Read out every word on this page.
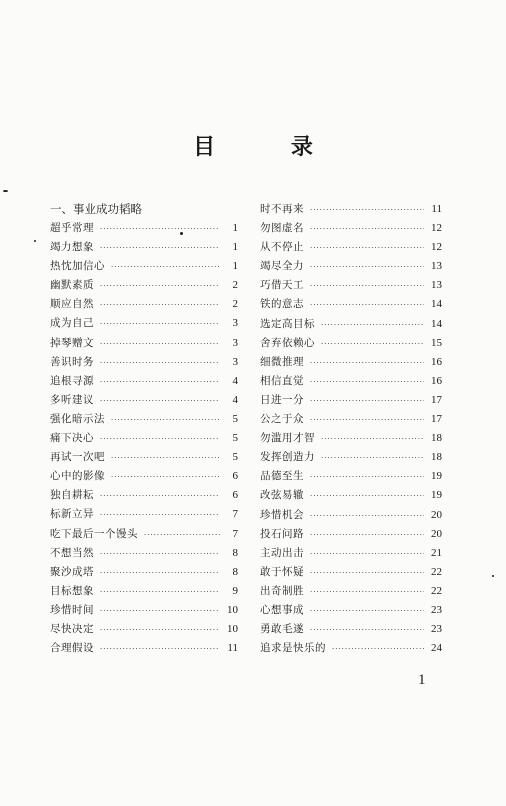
目 录
一、事业成功韬略
超乎常理 ·····	1
竭力想象 ·····	1
热忱加信心 ·····	1
幽默素质 ·····	2
顺应自然 ·····	2
成为自己 ·····	3
掉琴赠文 ·····	3
善识时务 ·····	3
追根寻源 ·····	4
多听建议 ·····	4
强化暗示法 ·····	5
痛下决心 ·····	5
再试一次吧 ·····	5
心中的影像 ·····	6
独自耕耘 ·····	6
标新立异 ·····	7
吃下最后一个馒头 ·····	7
不想当然 ·····	8
聚沙成塔 ·····	8
目标想象 ·····	9
珍惜时间 ·····	10
尽快决定 ·····	10
合理假设 ·····	11
时不再来 ·····	11
勿图虚名 ·····	12
从不停止 ·····	12
竭尽全力 ·····	13
巧借天工 ·····	13
铁的意志 ·····	14
选定高目标 ·····	14
舍弃依赖心 ·····	15
细微推理 ·····	16
相信直觉 ·····	16
日进一分 ·····	17
公之于众 ·····	17
勿滥用才智 ·····	18
发挥创造力 ·····	18
品德至生 ·····	19
改弦易辙 ·····	19
珍惜机会 ·····	20
投石问路 ·····	20
主动出击 ·····	21
敢于怀疑 ·····	22
出奇制胜 ·····	22
心想事成 ·····	23
勇敢毛遂 ·····	23
追求是快乐的 ·····	24
1
